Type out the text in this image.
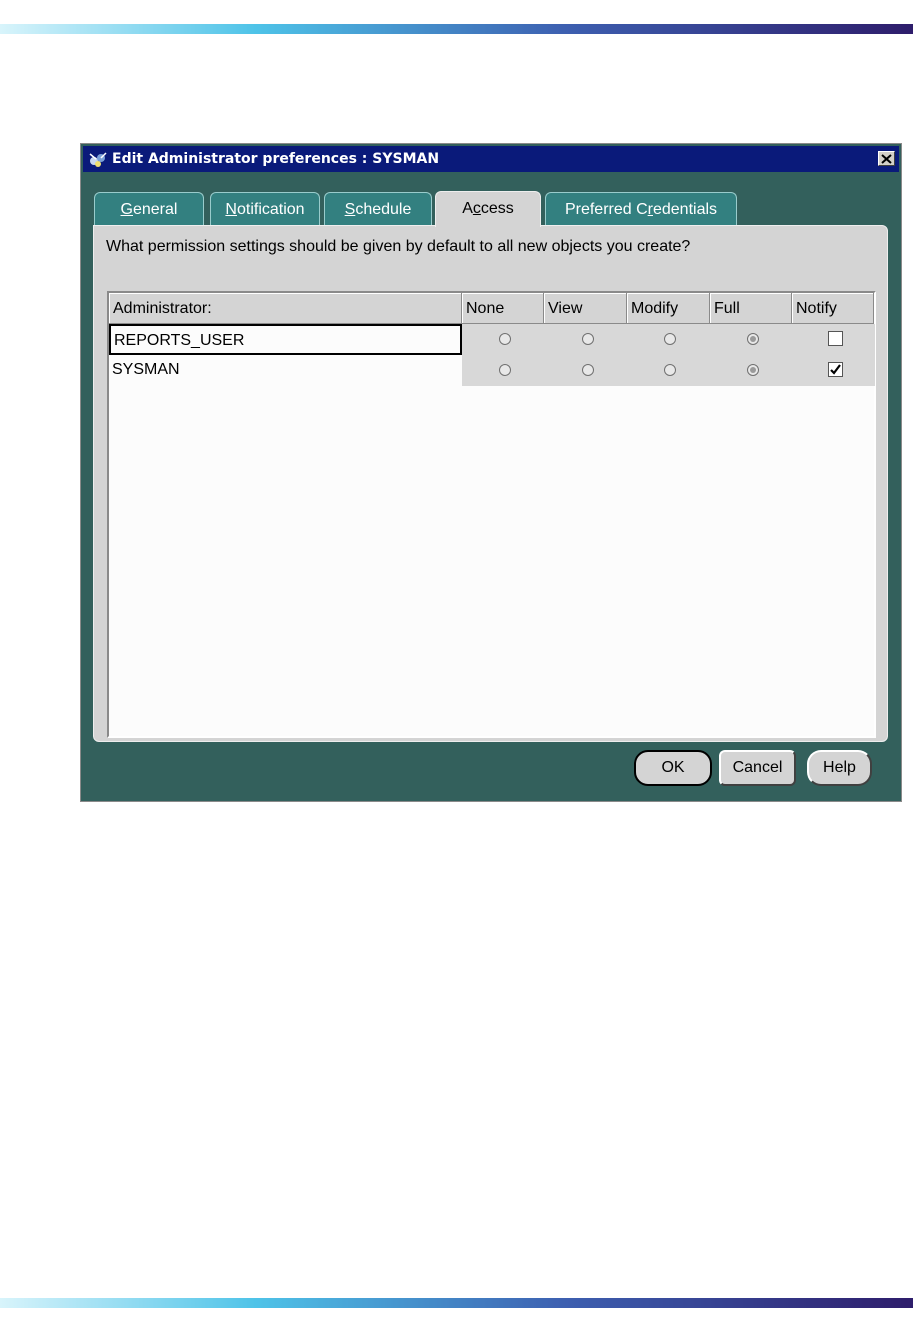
Edit Administrator preferences : SYSMAN
General	Notification	Schedule	Access	Preferred Credentials
What permission settings should be given by default to all new objects you create?
Administrator:	None	View	Modify	Full	Notify
REPORTS_USER
SYSMAN
OK	Cancel	Help
